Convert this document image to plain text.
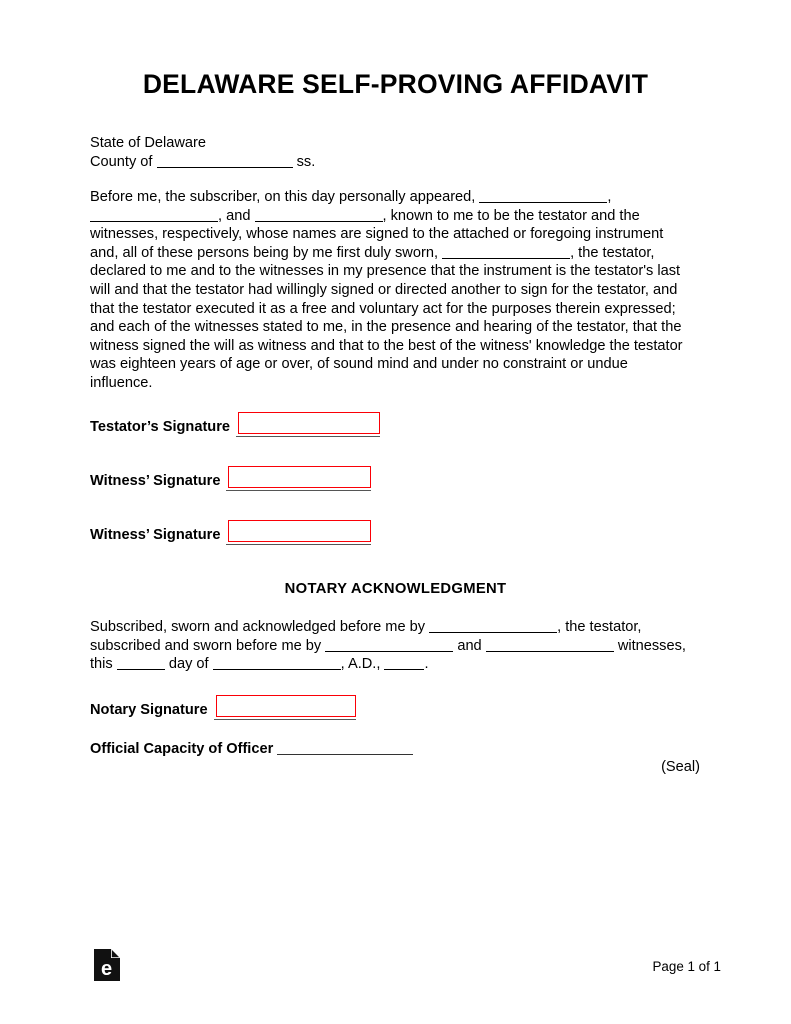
DELAWARE SELF-PROVING AFFIDAVIT
State of Delaware
County of	ss.
Before me, the subscriber, on this day personally appeared,	, , and	, known to me to be the testator and the witnesses, respectively, whose names are signed to the attached or foregoing instrument and, all of these persons being by me first duly sworn,	, the testator, declared to me and to the witnesses in my presence that the instrument is the testator's last will and that the testator had willingly signed or directed another to sign for the testator, and that the testator executed it as a free and voluntary act for the purposes therein expressed; and each of the witnesses stated to me, in the presence and hearing of the testator, that the witness signed the will as witness and that to the best of the witness' knowledge the testator was eighteen years of age or over, of sound mind and under no constraint or undue influence.
Testator’s Signature
Witness’ Signature
Witness’ Signature
NOTARY ACKNOWLEDGMENT
Subscribed, sworn and acknowledged before me by	, the testator, subscribed and sworn before me by	and	witnesses, this	day of	, A.D.,	.
Notary Signature
Official Capacity of Officer
(Seal)
e	Page 1 of 1
